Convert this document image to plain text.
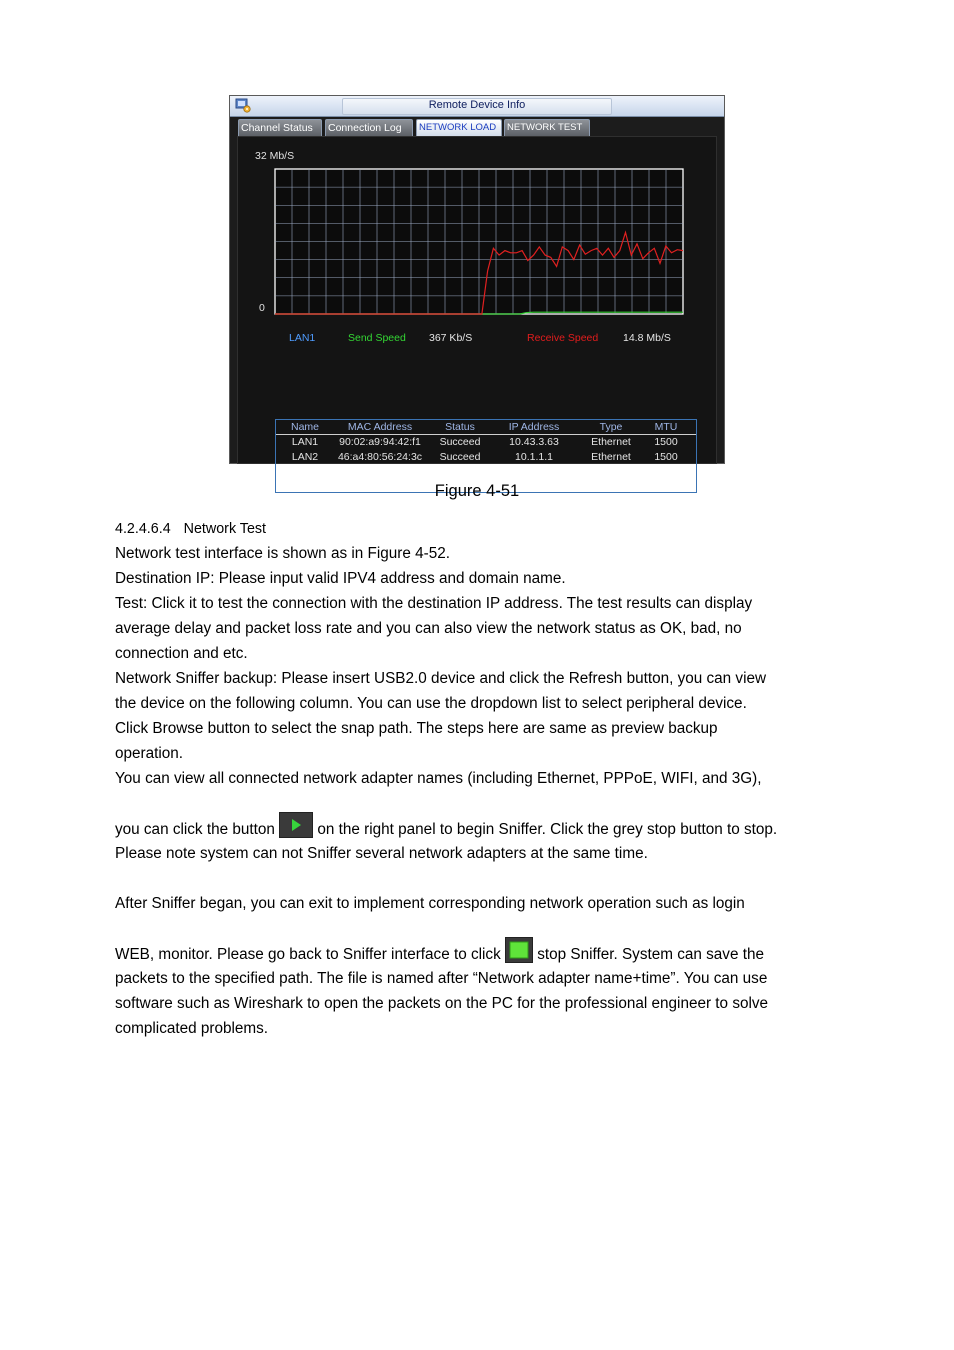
Remote Device Info
Channel Status	Connection Log	NETWORK LOAD	NETWORK TEST
32 Mb/S
0
LAN1	Send Speed 367 Kb/S	Receive Speed 14.8 Mb/S
Name	MAC Address	Status	IP Address	Type	MTU
LAN1 90:02:a9:94:42:f1 Succeed	10.43.3.63	Ethernet 1500
LAN2 46:a4:80:56:24:3c Succeed	10.1.1.1	Ethernet 1500
Figure 4-51
4.2.4.6.4 Network Test
Network test interface is shown as in Figure 4-52.
Destination IP: Please input valid IPV4 address and domain name.
Test: Click it to test the connection with the destination IP address. The test results can display
average delay and packet loss rate and you can also view the network status as OK, bad, no
connection and etc.
Network Sniffer backup: Please insert USB2.0 device and click the Refresh button, you can view
the device on the following column. You can use the dropdown list to select peripheral device.
Click Browse button to select the snap path. The steps here are same as preview backup
operation.
You can view all connected network adapter names (including Ethernet, PPPoE, WIFI, and 3G),
you can click the button	on the right panel to begin Sniffer. Click the grey stop button to stop.
Please note system can not Sniffer several network adapters at the same time.
After Sniffer began, you can exit to implement corresponding network operation such as login
WEB, monitor. Please go back to Sniffer interface to click stop Sniffer. System can save the
packets to the specified path. The file is named after “Network adapter name+time”. You can use
software such as Wireshark to open the packets on the PC for the professional engineer to solve
complicated problems.
